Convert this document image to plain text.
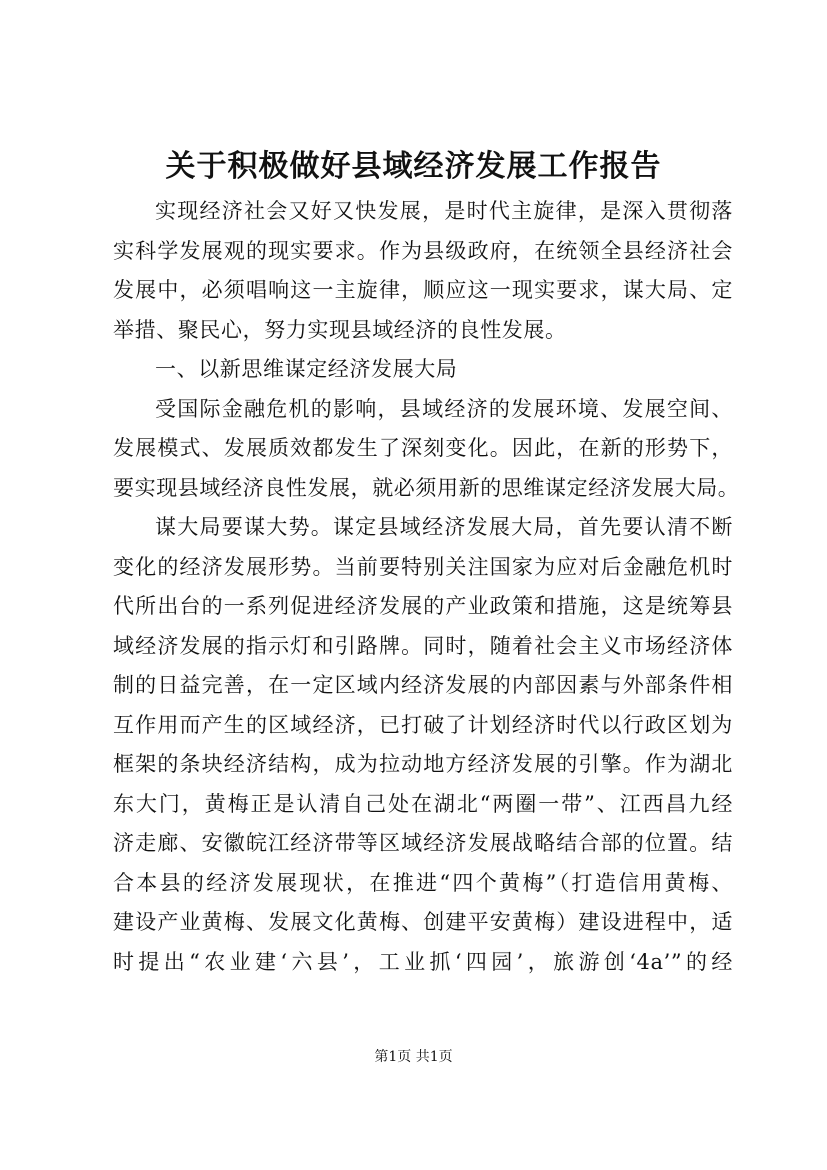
关于积极做好县域经济发展工作报告
实现经济社会又好又快发展，是时代主旋律，是深入贯彻落
实科学发展观的现实要求。作为县级政府，在统领全县经济社会
发展中，必须唱响这一主旋律，顺应这一现实要求，谋大局、定
举措、聚民心，努力实现县域经济的良性发展。
一、以新思维谋定经济发展大局
受国际金融危机的影响，县域经济的发展环境、发展空间、
发展模式、发展质效都发生了深刻变化。因此，在新的形势下，
要实现县域经济良性发展，就必须用新的思维谋定经济发展大局。
谋大局要谋大势。谋定县域经济发展大局，首先要认清不断
变化的经济发展形势。当前要特别关注国家为应对后金融危机时
代所出台的一系列促进经济发展的产业政策和措施，这是统筹县
域经济发展的指示灯和引路牌。同时，随着社会主义市场经济体
制的日益完善，在一定区域内经济发展的内部因素与外部条件相
互作用而产生的区域经济，已打破了计划经济时代以行政区划为
框架的条块经济结构，成为拉动地方经济发展的引擎。作为湖北
东大门，黄梅正是认清自己处在湖北“两圈一带”、江西昌九经
济走廊、安徽皖江经济带等区域经济发展战略结合部的位置。结
合本县的经济发展现状，在推进“四个黄梅”（打造信用黄梅、
建设产业黄梅、发展文化黄梅、创建平安黄梅）建设进程中，适
时提出“农业建‘六县’，工业抓‘四园’，旅游创‘4a’”的经
第1页 共1页
